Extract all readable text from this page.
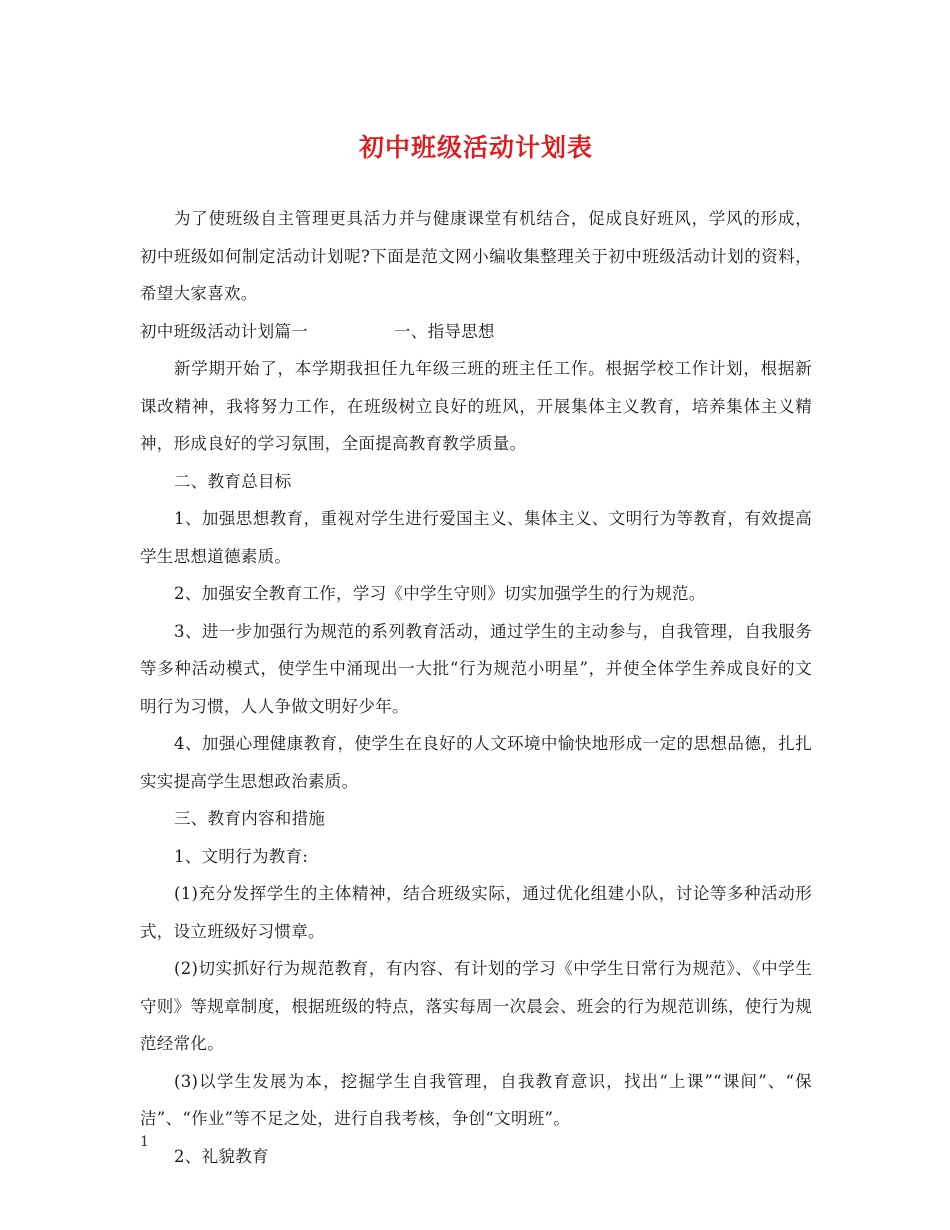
初中班级活动计划表

为了使班级自主管理更具活力并与健康课堂有机结合，促成良好班风，学风的形成，初中班级如何制定活动计划呢?下面是范文网小编收集整理关于初中班级活动计划的资料，希望大家喜欢。

初中班级活动计划篇一	一、指导思想

新学期开始了，本学期我担任九年级三班的班主任工作。根据学校工作计划，根据新课改精神，我将努力工作，在班级树立良好的班风，开展集体主义教育，培养集体主义精神，形成良好的学习氛围，全面提高教育教学质量。

二、教育总目标

1、加强思想教育，重视对学生进行爱国主义、集体主义、文明行为等教育，有效提高学生思想道德素质。

2、加强安全教育工作，学习《中学生守则》切实加强学生的行为规范。

3、进一步加强行为规范的系列教育活动，通过学生的主动参与，自我管理，自我服务等多种活动模式，使学生中涌现出一大批“行为规范小明星”，并使全体学生养成良好的文明行为习惯，人人争做文明好少年。

4、加强心理健康教育，使学生在良好的人文环境中愉快地形成一定的思想品德，扎扎实实提高学生思想政治素质。

三、教育内容和措施

1、文明行为教育:

(1)充分发挥学生的主体精神，结合班级实际，通过优化组建小队，讨论等多种活动形式，设立班级好习惯章。

(2)切实抓好行为规范教育，有内容、有计划的学习《中学生日常行为规范》、《中学生守则》等规章制度，根据班级的特点，落实每周一次晨会、班会的行为规范训练，使行为规范经常化。

(3)以学生发展为本，挖掘学生自我管理，自我教育意识，找出“上课”“课间”、“保洁”、“作业”等不足之处，进行自我考核，争创“文明班”。

2、礼貌教育

1
